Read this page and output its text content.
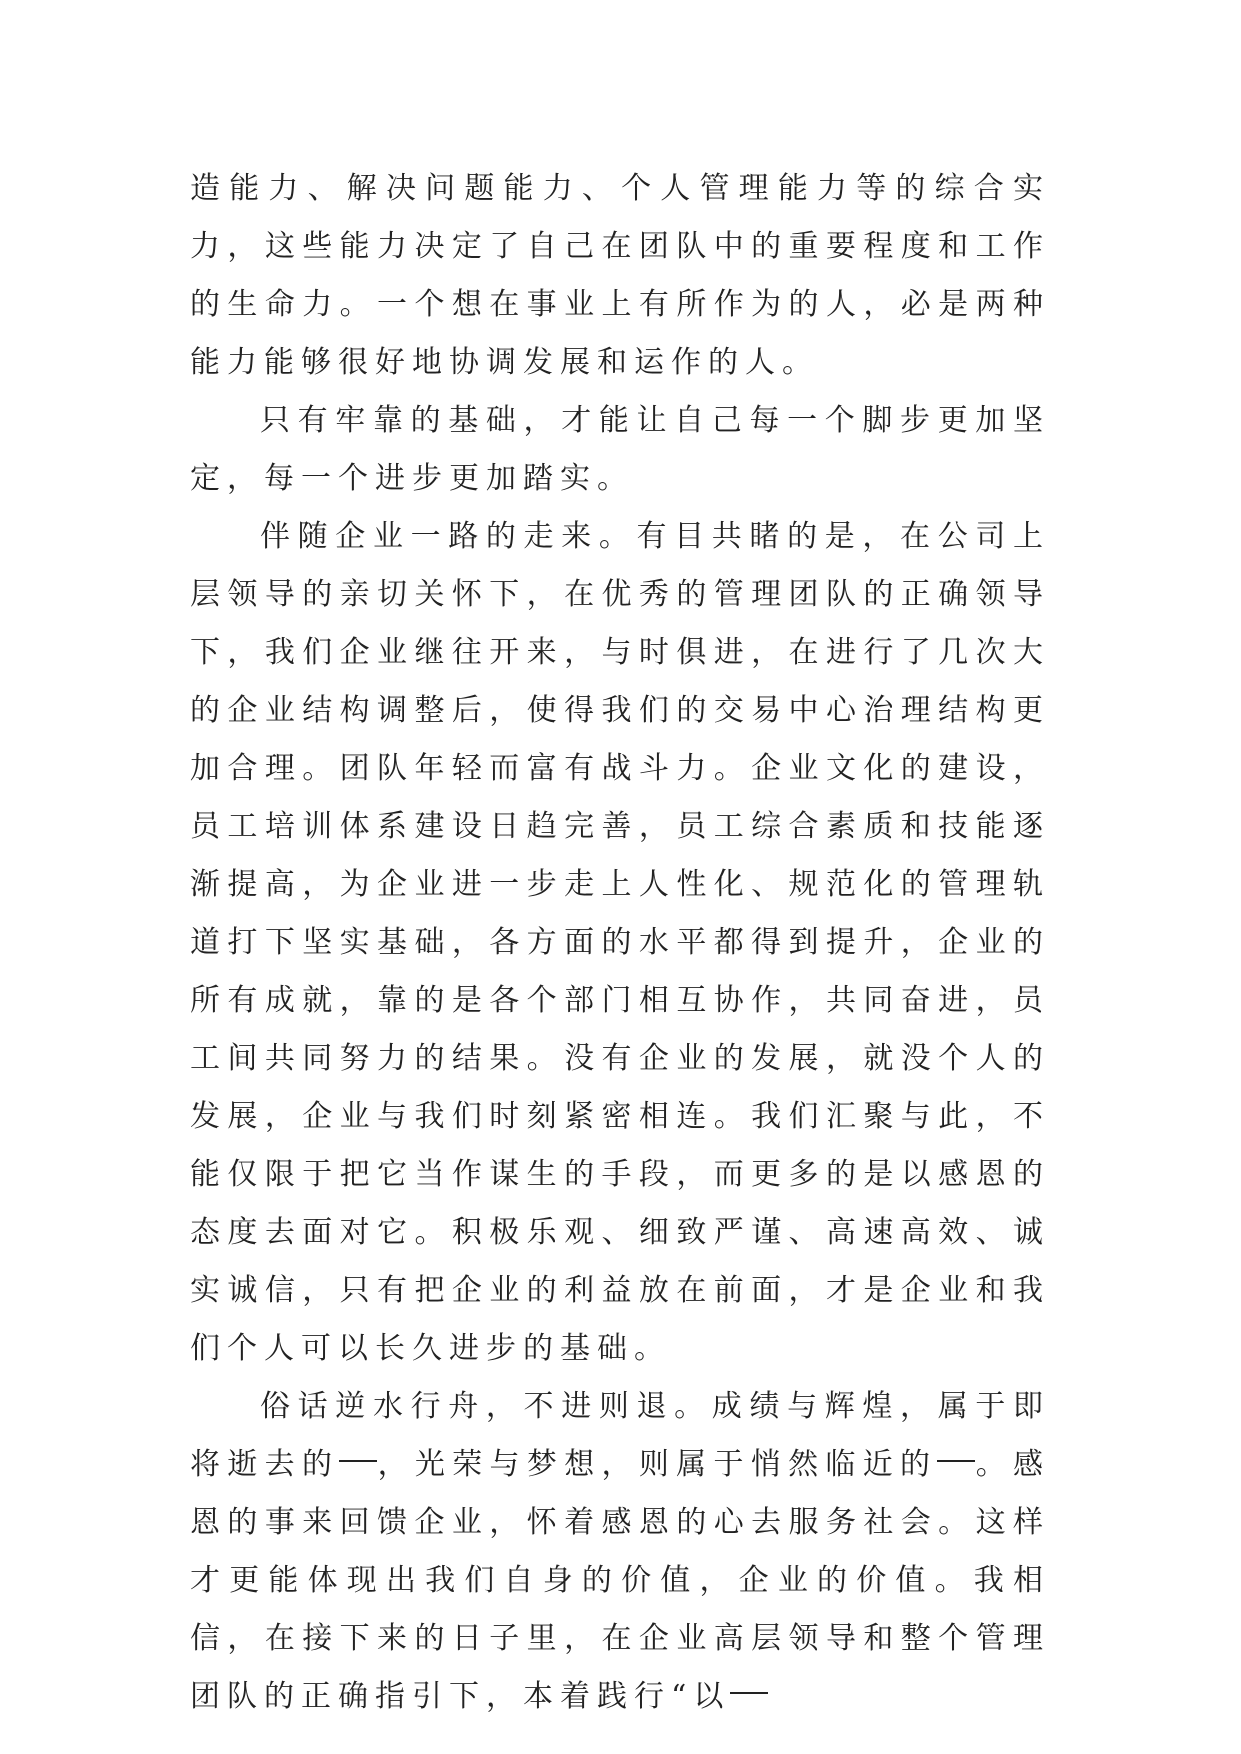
造能力、解决问题能力、个人管理能力等的综合实力，这些能力决定了自己在团队中的重要程度和工作的生命力。一个想在事业上有所作为的人，必是两种能力能够很好地协调发展和运作的人。

只有牢靠的基础，才能让自己每一个脚步更加坚定，每一个进步更加踏实。

伴随企业一路的走来。有目共睹的是，在公司上层领导的亲切关怀下，在优秀的管理团队的正确领导下，我们企业继往开来，与时俱进，在进行了几次大的企业结构调整后，使得我们的交易中心治理结构更加合理。团队年轻而富有战斗力。企业文化的建设，员工培训体系建设日趋完善，员工综合素质和技能逐渐提高，为企业进一步走上人性化、规范化的管理轨道打下坚实基础，各方面的水平都得到提升，企业的所有成就，靠的是各个部门相互协作，共同奋进，员工间共同努力的结果。没有企业的发展，就没个人的发展，企业与我们时刻紧密相连。我们汇聚与此，不能仅限于把它当作谋生的手段，而更多的是以感恩的态度去面对它。积极乐观、细致严谨、高速高效、诚实诚信，只有把企业的利益放在前面，才是企业和我们个人可以长久进步的基础。

俗话逆水行舟，不进则退。成绩与辉煌，属于即将逝去的 ，光荣与梦想，则属于悄然临近的 。感恩的事来回馈企业，怀着感恩的心去服务社会。这样才更能体现出我们自身的价值，企业的价值。我相信，在接下来的日子里，在企业高层领导和整个管理团队的正确指引下，本着践行“以
